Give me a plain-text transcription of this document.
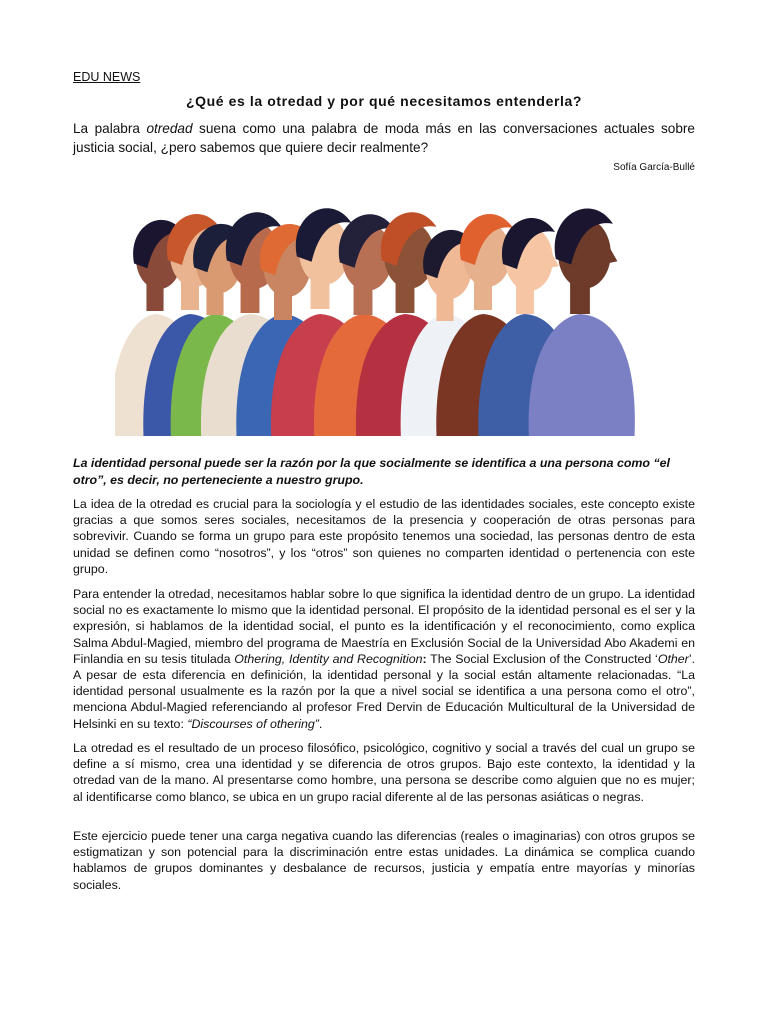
EDU NEWS
¿Qué es la otredad y por qué necesitamos entenderla?
La palabra otredad suena como una palabra de moda más en las conversaciones actuales sobre justicia social, ¿pero sabemos que quiere decir realmente?
Sofía García-Bullé
La identidad personal puede ser la razón por la que socialmente se identifica a una persona como “el otro”, es decir, no perteneciente a nuestro grupo.
La idea de la otredad es crucial para la sociología y el estudio de las identidades sociales, este concepto existe gracias a que somos seres sociales, necesitamos de la presencia y cooperación de otras personas para sobrevivir. Cuando se forma un grupo para este propósito tenemos una sociedad, las personas dentro de esta unidad se definen como “nosotros”, y los “otros” son quienes no comparten identidad o pertenencia con este grupo.
Para entender la otredad, necesitamos hablar sobre lo que significa la identidad dentro de un grupo. La identidad social no es exactamente lo mismo que la identidad personal. El propósito de la identidad personal es el ser y la expresión, si hablamos de la identidad social, el punto es la identificación y el reconocimiento, como explica Salma Abdul-Magied, miembro del programa de Maestría en Exclusión Social de la Universidad Abo Akademi en Finlandia en su tesis titulada Othering, Identity and Recognition: The Social Exclusion of the Constructed ‘Other’. A pesar de esta diferencia en definición, la identidad personal y la social están altamente relacionadas. “La identidad personal usualmente es la razón por la que a nivel social se identifica a una persona como el otro”, menciona Abdul-Magied referenciando al profesor Fred Dervin de Educación Multicultural de la Universidad de Helsinki en su texto: “Discourses of othering”.
La otredad es el resultado de un proceso filosófico, psicológico, cognitivo y social a través del cual un grupo se define a sí mismo, crea una identidad y se diferencia de otros grupos. Bajo este contexto, la identidad y la otredad van de la mano. Al presentarse como hombre, una persona se describe como alguien que no es mujer; al identificarse como blanco, se ubica en un grupo racial diferente al de las personas asiáticas o negras.
Este ejercicio puede tener una carga negativa cuando las diferencias (reales o imaginarias) con otros grupos se estigmatizan y son potencial para la discriminación entre estas unidades. La dinámica se complica cuando hablamos de grupos dominantes y desbalance de recursos, justicia y empatía entre mayorías y minorías sociales.
